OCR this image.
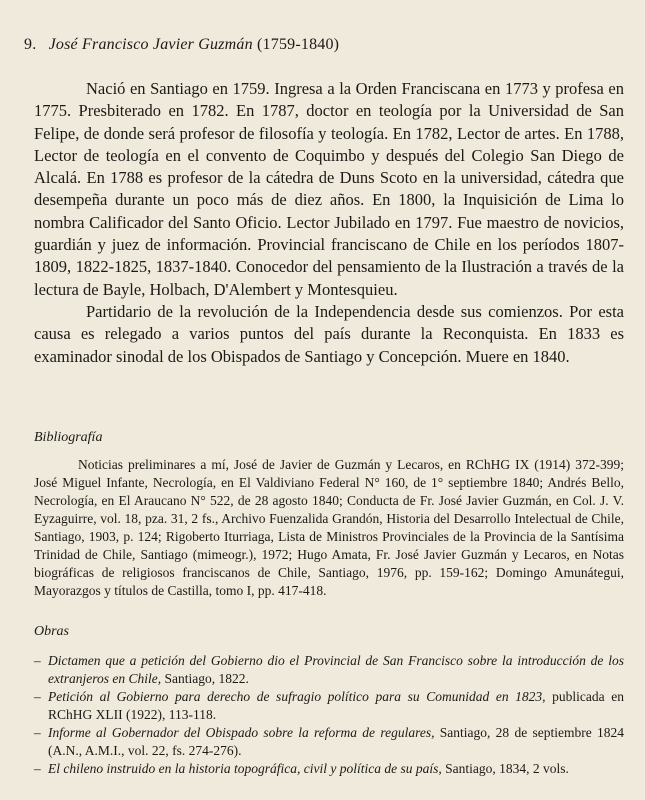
9. José Francisco Javier Guzmán (1759-1840)

Nació en Santiago en 1759. Ingresa a la Orden Franciscana en 1773 y profesa en 1775. Presbiterado en 1782. En 1787, doctor en teología por la Universidad de San Felipe, de donde será profesor de filosofía y teología. En 1782, Lector de artes. En 1788, Lector de teología en el convento de Coquimbo y después del Colegio San Diego de Alcalá. En 1788 es profesor de la cátedra de Duns Scoto en la universidad, cátedra que desempeña durante un poco más de diez años. En 1800, la Inquisición de Lima lo nombra Calificador del Santo Oficio. Lector Jubilado en 1797. Fue maestro de novicios, guardián y juez de información. Provincial franciscano de Chile en los períodos 1807-1809, 1822-1825, 1837-1840. Conocedor del pensamiento de la Ilustración a través de la lectura de Bayle, Holbach, D'Alembert y Montesquieu.

Partidario de la revolución de la Independencia desde sus comienzos. Por esta causa es relegado a varios puntos del país durante la Reconquista. En 1833 es examinador sinodal de los Obispados de Santiago y Concepción. Muere en 1840.

Bibliografía
Noticias preliminares a mí, José de Javier de Guzmán y Lecaros, en RChHG IX (1914) 372-399; José Miguel Infante, Necrología, en El Valdiviano Federal N° 160, de 1° septiembre 1840; Andrés Bello, Necrología, en El Araucano N° 522, de 28 agosto 1840; Conducta de Fr. José Javier Guzmán, en Col. J. V. Eyzaguirre, vol. 18, pza. 31, 2 fs., Archivo Fuenzalida Grandón, Historia del Desarrollo Intelectual de Chile, Santiago, 1903, p. 124; Rigoberto Iturriaga, Lista de Ministros Provinciales de la Provincia de la Santísima Trinidad de Chile, Santiago (mimeogr.), 1972; Hugo Amata, Fr. José Javier Guzmán y Lecaros, en Notas biográficas de religiosos franciscanos de Chile, Santiago, 1976, pp. 159-162; Domingo Amunátegui, Mayorazgos y títulos de Castilla, tomo I, pp. 417-418.
Obras
– Dictamen que a petición del Gobierno dio el Provincial de San Francisco sobre la introducción de los extranjeros en Chile, Santiago, 1822.
– Petición al Gobierno para derecho de sufragio político para su Comunidad en 1823, publicada en RChHG XLII (1922), 113-118.
– Informe al Gobernador del Obispado sobre la reforma de regulares, Santiago, 28 de septiembre 1824 (A.N., A.M.I., vol. 22, fs. 274-276).
– El chileno instruido en la historia topográfica, civil y política de su país, Santiago, 1834, 2 vols.
